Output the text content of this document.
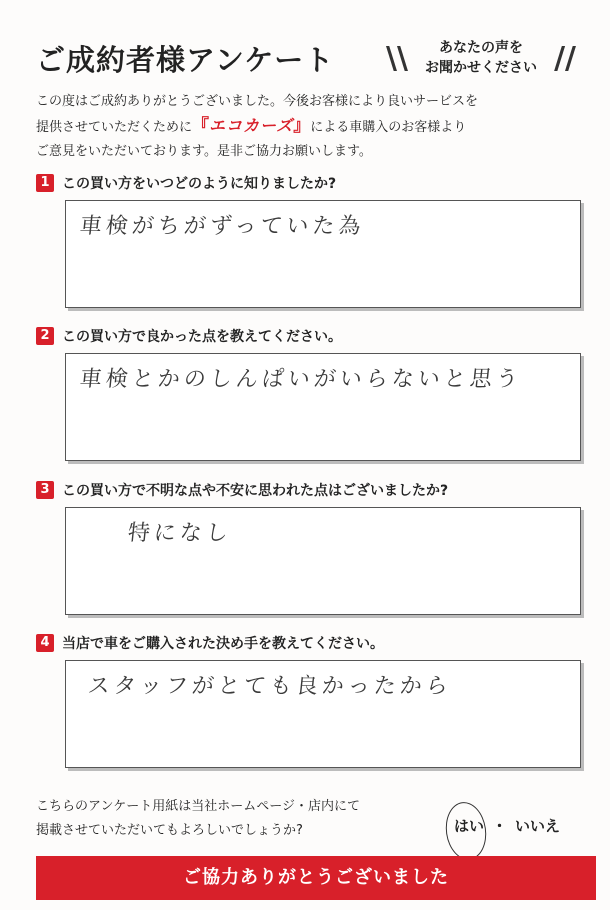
ご成約者様アンケート \\	あなたの声を
お聞かせください //
この度はご成約ありがとうございました。今後お客様により良いサービスを
提供させていただくために『エコカーズ』による車購入のお客様より
ご意見をいただいております。是非ご協力お願いします。
1 この買い方をいつどのように知りましたか?
車検がちがずっていた為
2 この買い方で良かった点を教えてください。
車検とかのしんぱいがいらないと思う
3 この買い方で不明な点や不安に思われた点はございましたか?
特になし
4 当店で車をご購入された決め手を教えてください。
スタッフがとても良かったから
こちらのアンケート用紙は当社ホームページ・店内にて
掲載させていただいてもよろしいでしょうか?	はい ・ いいえ
ご協力ありがとうございました
